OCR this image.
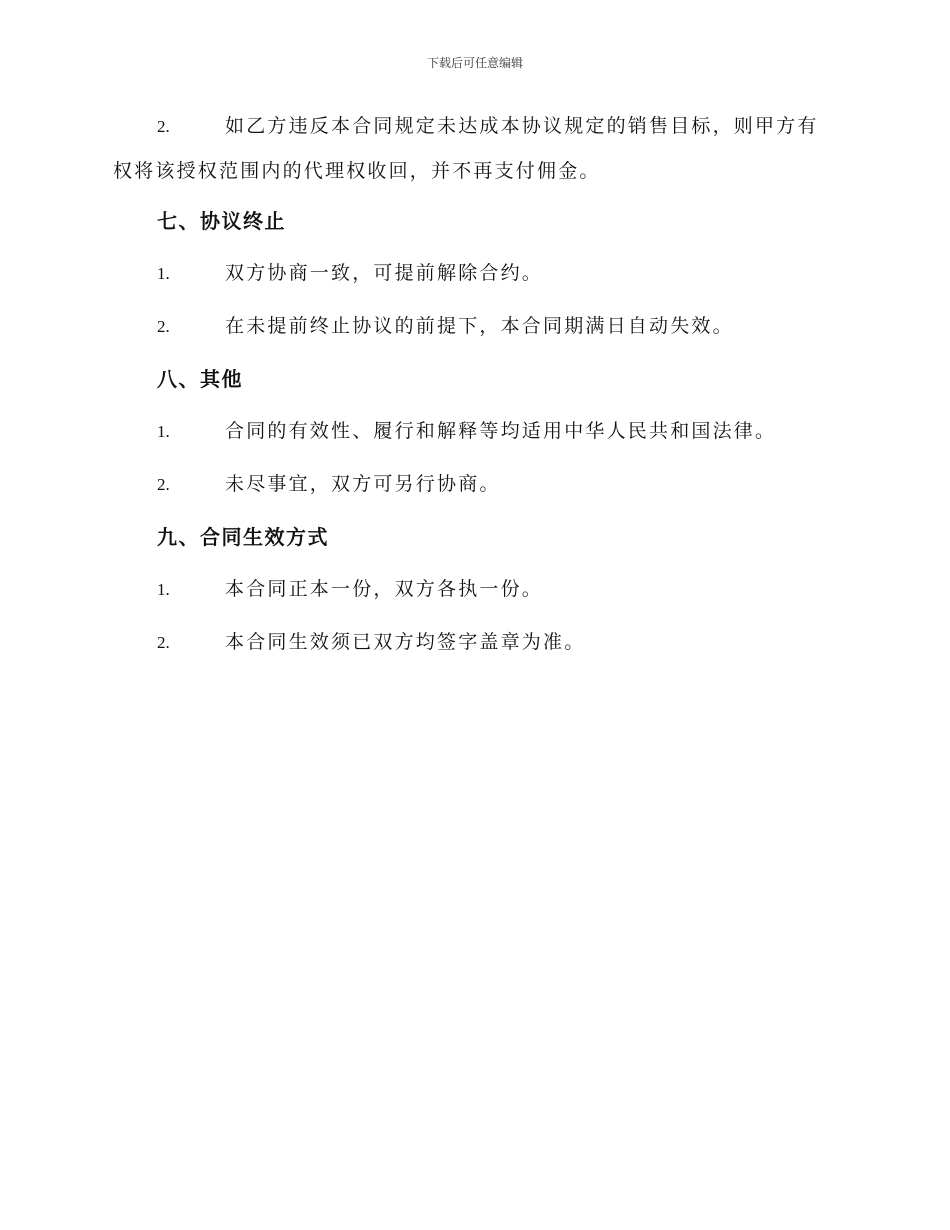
下载后可任意编辑

2.	如乙方违反本合同规定未达成本协议规定的销售目标，则甲方有权将该授权范围内的代理权收回，并不再支付佣金。

七、协议终止
1.	双方协商一致，可提前解除合约。
2.	在未提前终止协议的前提下，本合同期满日自动失效。
八、其他
1.	合同的有效性、履行和解释等均适用中华人民共和国法律。
2.	未尽事宜，双方可另行协商。
九、合同生效方式
1.	本合同正本一份，双方各执一份。
2.	本合同生效须已双方均签字盖章为准。
